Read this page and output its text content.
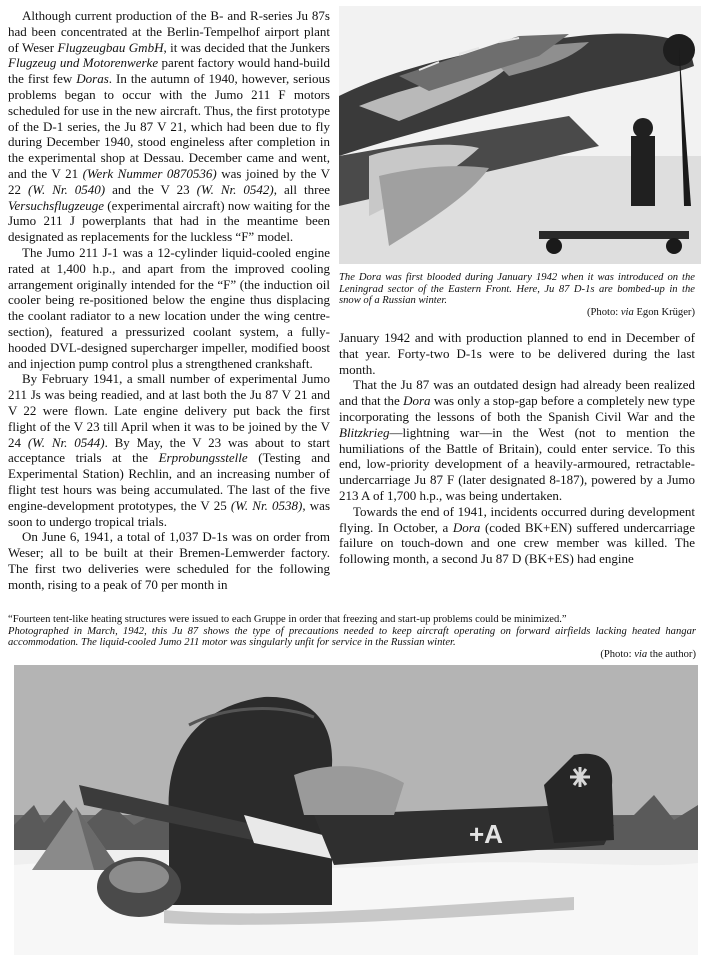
Although current production of the B- and R-series Ju 87s had been concentrated at the Berlin-Tempelhof airport plant of Weser Flugzeugbau GmbH, it was decided that the Junkers Flugzeug und Motorenwerke parent factory would hand-build the first few Doras. In the autumn of 1940, however, serious problems began to occur with the Jumo 211 F motors scheduled for use in the new aircraft. Thus, the first prototype of the D-1 series, the Ju 87 V 21, which had been due to fly during December 1940, stood engineless after completion in the experimental shop at Dessau. December came and went, and the V 21 (Werk Nummer 0870536) was joined by the V 22 (W. Nr. 0540) and the V 23 (W. Nr. 0542), all three Versuchsflugzeuge (experimental aircraft) now waiting for the Jumo 211 J powerplants that had in the meantime been designated as replacements for the luckless “F” model.

The Jumo 211 J-1 was a 12-cylinder liquid-cooled engine rated at 1,400 h.p., and apart from the improved cooling arrangement originally intended for the “F” (the induction oil cooler being re-positioned below the engine thus displacing the coolant radiator to a new location under the wing centre-section), featured a pressurized coolant system, a fully-hooded DVL-designed supercharger impeller, modified boost and injection pump control plus a strengthened crankshaft.

By February 1941, a small number of experimental Jumo 211 Js was being readied, and at last both the Ju 87 V 21 and V 22 were flown. Late engine delivery put back the first flight of the V 23 till April when it was to be joined by the V 24 (W. Nr. 0544). By May, the V 23 was about to start acceptance trials at the Erprobungsstelle (Testing and Experimental Station) Rechlin, and an increasing number of flight test hours was being accumulated. The last of the five engine-development prototypes, the V 25 (W. Nr. 0538), was soon to undergo tropical trials.

On June 6, 1941, a total of 1,037 D-1s was on order from Weser; all to be built at their Bremen-Lemwerder factory. The first two deliveries were scheduled for the following month, rising to a peak of 70 per month in

The Dora was first blooded during January 1942 when it was introduced on the Leningrad sector of the Eastern Front. Here, Ju 87 D-1s are bombed-up in the snow of a Russian winter.
(Photo: via Egon Krüger)

January 1942 and with production planned to end in December of that year. Forty-two D-1s were to be delivered during the last month.

That the Ju 87 was an outdated design had already been realized and that the Dora was only a stop-gap before a completely new type incorporating the lessons of both the Spanish Civil War and the Blitzkrieg—lightning war—in the West (not to mention the humiliations of the Battle of Britain), could enter service. To this end, low-priority development of a heavily-armoured, retractable-undercarriage Ju 87 F (later designated 8-187), powered by a Jumo 213 A of 1,700 h.p., was being undertaken.

Towards the end of 1941, incidents occurred during development flying. In October, a Dora (coded BK+EN) suffered undercarriage failure on touch-down and one crew member was killed. The following month, a second Ju 87 D (BK+ES) had engine

“Fourteen tent-like heating structures were issued to each Gruppe in order that freezing and start-up problems could be minimized.”
Photographed in March, 1942, this Ju 87 shows the type of precautions needed to keep aircraft operating on forward airfields lacking heated hangar accommodation. The liquid-cooled Jumo 211 motor was singularly unfit for service in the Russian winter.
(Photo: via the author)
+A
